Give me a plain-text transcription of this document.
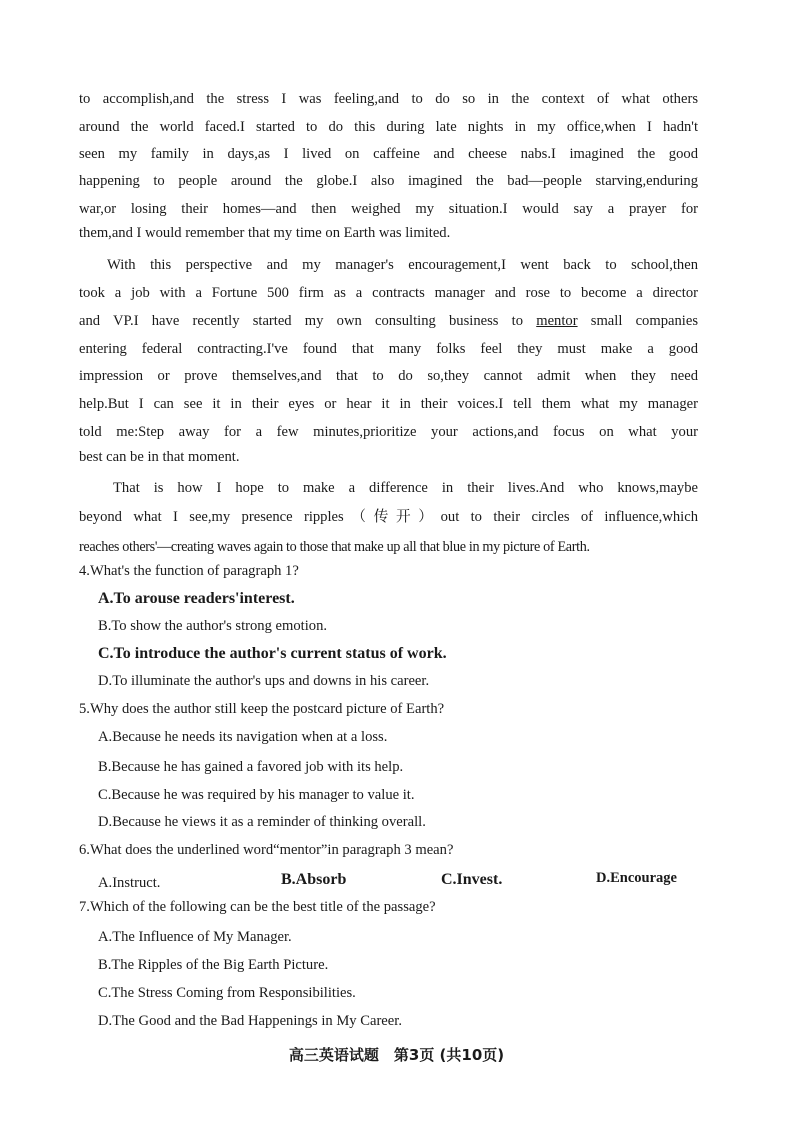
to accomplish,and the stress I was feeling,and to do so in the context of what others
around the world faced.I started to do this during late nights in my office,when I hadn't
seen my family in days,as I lived on caffeine and cheese nabs.I imagined the good
happening to people around the globe.I also imagined the bad—people starving,enduring
war,or losing their homes—and then weighed my situation.I would say a prayer for
them,and I would remember that my time on Earth was limited.
With this perspective and my manager's encouragement,I went back to school,then
took a job with a Fortune 500 firm as a contracts manager and rose to become a director
and VP.I have recently started my own consulting business to mentor small companies
entering federal contracting.I've found that many folks feel they must make a good
impression or prove themselves,and that to do so,they cannot admit when they need
help.But I can see it in their eyes or hear it in their voices.I tell them what my manager
told me:Step away for a few minutes,prioritize your actions,and focus on what your
best can be in that moment.
That is how I hope to make a difference in their lives.And who knows,maybe
beyond what I see,my presence ripples（传开）out to their circles of influence,which
reaches others'—creating waves again to those that make up all that blue in my picture of Earth.
4.What's the function of paragraph 1?
A.To arouse readers'interest.
B.To show the author's strong emotion.
C.To introduce the author's current status of work.
D.To illuminate the author's ups and downs in his career.
5.Why does the author still keep the postcard picture of Earth?
A.Because he needs its navigation when at a loss.
B.Because he has gained a favored job with its help.
C.Because he was required by his manager to value it.
D.Because he views it as a reminder of thinking overall.
6.What does the underlined word“mentor”in paragraph 3 mean?
A.Instruct.	B.Absorb	C.Invest.	D.Encourage
7.Which of the following can be the best title of the passage?
A.The Influence of My Manager.
B.The Ripples of the Big Earth Picture.
C.The Stress Coming from Responsibilities.
D.The Good and the Bad Happenings in My Career.
高三英语试题　第3页 (共10页)
